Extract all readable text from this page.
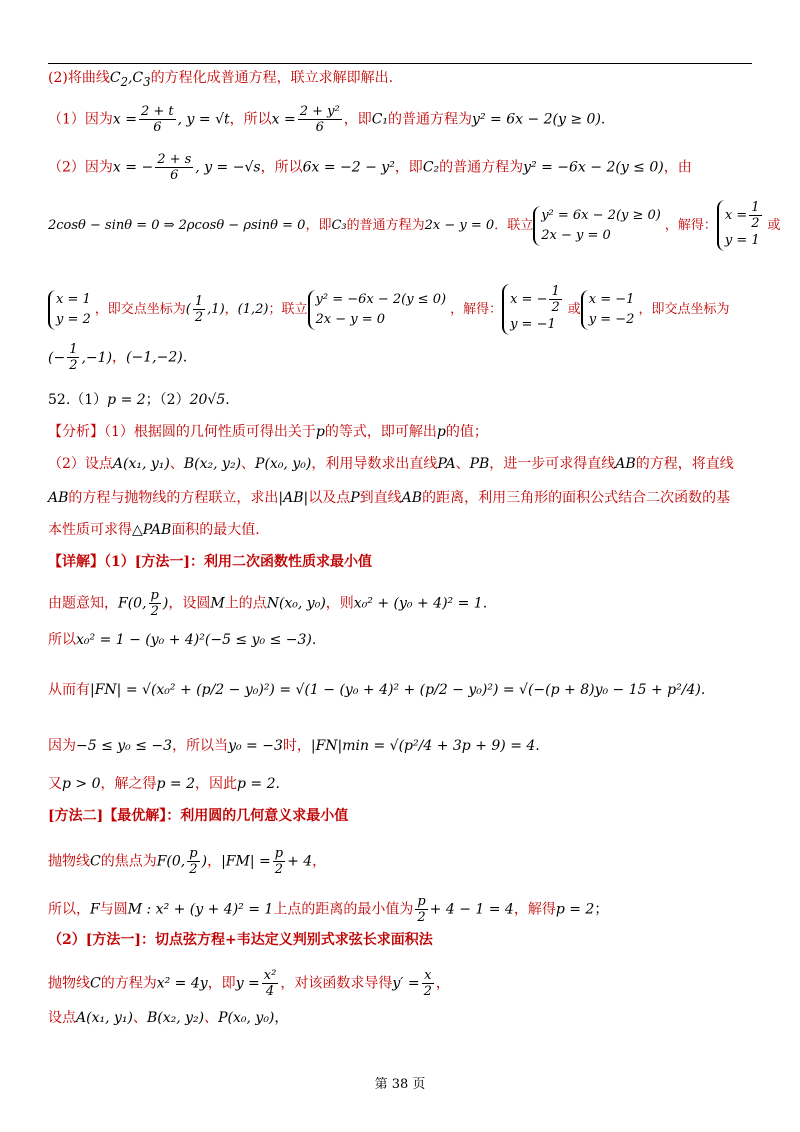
(2)将曲线$C_2,C_3$的方程化成普通方程，联立求解即解出.
（1）因为$x = \frac{2 + t}{6}$ , y = √t，所以$x = \frac{\text{2 + y²}}{6}$ ，即C₁的普通方程为y² = 6x − 2(y ≥ 0).
（2）因为x = − $\frac{2 + s}{6}$ , y = −√s，所以6x = −2 − y²，即C₂的普通方程为y² = −6x − 2(y ≤ 0)，由
2cosθ − sinθ = 0 ⇒ 2ρcosθ − ρsinθ = 0，即C₃的普通方程为2x − y = 0．联立
y² = 6x − 2(y ≥ 0)
2x − y = 0
，解得：
$x = \frac{1}{2}$
y = 1
或
x = 1
y = 2
，即交点坐标为( $\frac{1}{2} ,1$)，(1,2)；联立
y² = −6x − 2(y ≤ 0)
2x − y = 0
，解得：
x = − $\frac{1}{2}$
y = −1
或
x = −1
y = −2
，即交点坐标为
(− $\frac{1}{2} ,-1$)，(−1,−2).
52.（1）p = 2；（2）20√5.
【分析】（1）根据圆的几何性质可得出关于p的等式，即可解出p的值；
（2）设点A(x₁, y₁)、B(x₂, y₂)、P(x₀, y₀)，利用导数求出直线PA、PB，进一步可求得直线AB的方程，将直线
AB的方程与抛物线的方程联立，求出|AB|以及点P到直线AB的距离，利用三角形的面积公式结合二次函数的基
本性质可求得△PAB面积的最大值.
【详解】（1）[方法一]：利用二次函数性质求最小值
由题意知，F(0, $\frac{p}{2}$ )，设圆M上的点N(x₀, y₀)，则x₀² + (y₀ + 4)² = 1.
所以x₀² = 1 − (y₀ + 4)²(−5 ≤ y₀ ≤ −3).
从而有|FN| = √(x₀² + (p/2 − y₀)²) = √(1 − (y₀ + 4)² + (p/2 − y₀)²) = √(−(p + 8)y₀ − 15 + p²/4).
因为−5 ≤ y₀ ≤ −3，所以当y₀ = −3时，|FN|min = √(p²/4 + 3p + 9) = 4.
又p > 0，解之得p = 2，因此p = 2.
[方法二]【最优解】：利用圆的几何意义求最小值
抛物线C的焦点为F(0, $\frac{p}{2}$ )，$|FM| = \frac{p}{2} + 4$，
所以，F与圆M : x² + (y + 4)² = 1上点的距离的最小值为 $\frac{p}{2} + 4 - 1 = 4$，解得p = 2；
（2）[方法一]：切点弦方程+韦达定义判别式求弦长求面积法
抛物线C的方程为x² = 4y，即$y = \frac{\text{x²}}{4}$ ，对该函数求导得$y' = \frac{x}{2}$ ，
设点A(x₁, y₁)、B(x₂, y₂)、P(x₀, y₀)，
第 38 页
